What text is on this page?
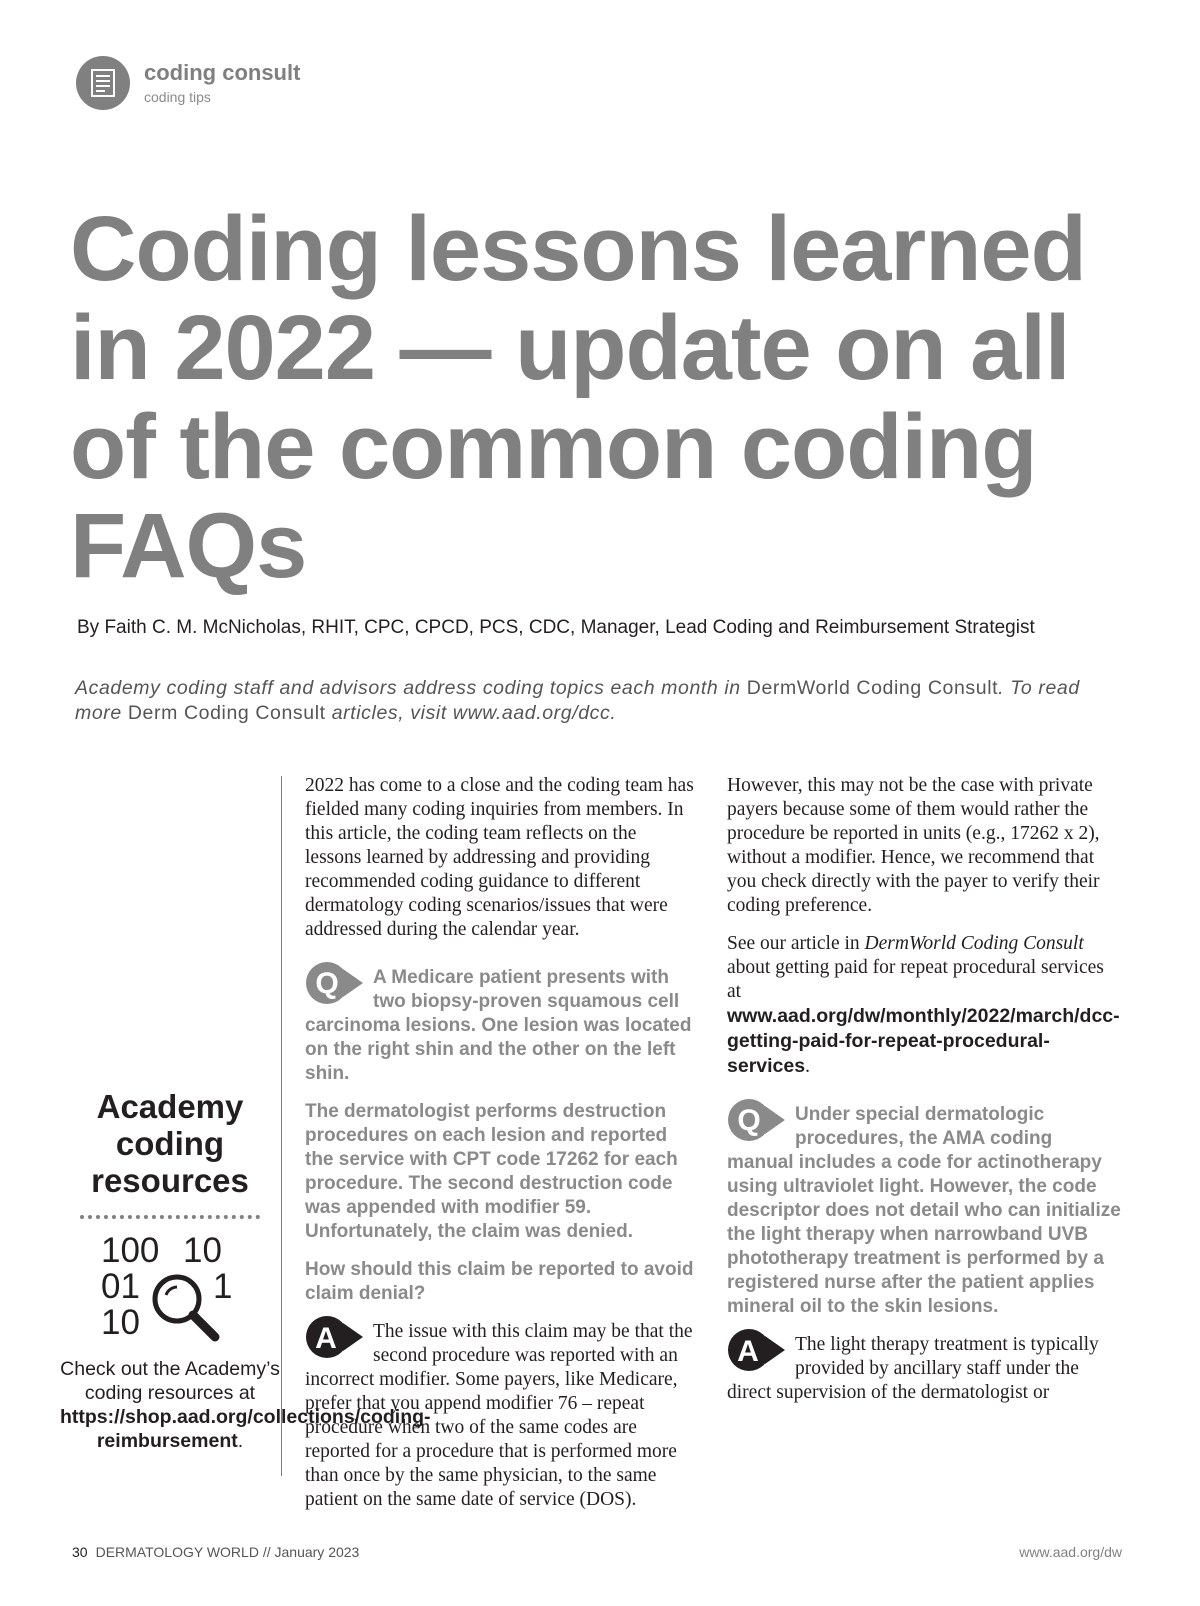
coding consult
coding tips
Coding lessons learned in 2022 — update on all of the common coding FAQs
By Faith C. M. McNicholas, RHIT, CPC, CPCD, PCS, CDC, Manager, Lead Coding and Reimbursement Strategist
Academy coding staff and advisors address coding topics each month in DermWorld Coding Consult. To read more Derm Coding Consult articles, visit www.aad.org/dcc.
Academy coding resources
100 10
01 1
10
Check out the Academy’s coding resources at https://shop.aad.org/collections/coding-reimbursement.

2022 has come to a close and the coding team has fielded many coding inquiries from members. In this article, the coding team reflects on the lessons learned by addressing and providing recommended coding guidance to different dermatology coding scenarios/issues that were addressed during the calendar year.

Q A Medicare patient presents with two biopsy-proven squamous cell carcinoma lesions. One lesion was located on the right shin and the other on the left shin.

The dermatologist performs destruction procedures on each lesion and reported the service with CPT code 17262 for each procedure. The second destruction code was appended with modifier 59. Unfortunately, the claim was denied.

How should this claim be reported to avoid claim denial?

A The issue with this claim may be that the second procedure was reported with an incorrect modifier. Some payers, like Medicare, prefer that you append modifier 76 – repeat procedure when two of the same codes are reported for a procedure that is performed more than once by the same physician, to the same patient on the same date of service (DOS).

However, this may not be the case with private payers because some of them would rather the procedure be reported in units (e.g., 17262 x 2), without a modifier. Hence, we recommend that you check directly with the payer to verify their coding preference.

See our article in DermWorld Coding Consult about getting paid for repeat procedural services at www.aad.org/dw/monthly/2022/march/dcc-getting-paid-for-repeat-procedural-services.

Q Under special dermatologic procedures, the AMA coding manual includes a code for actinotherapy using ultraviolet light. However, the code descriptor does not detail who can initialize the light therapy when narrowband UVB phototherapy treatment is performed by a registered nurse after the patient applies mineral oil to the skin lesions.

A The light therapy treatment is typically provided by ancillary staff under the direct supervision of the dermatologist or

30 DERMATOLOGY WORLD // January 2023	www.aad.org/dw
